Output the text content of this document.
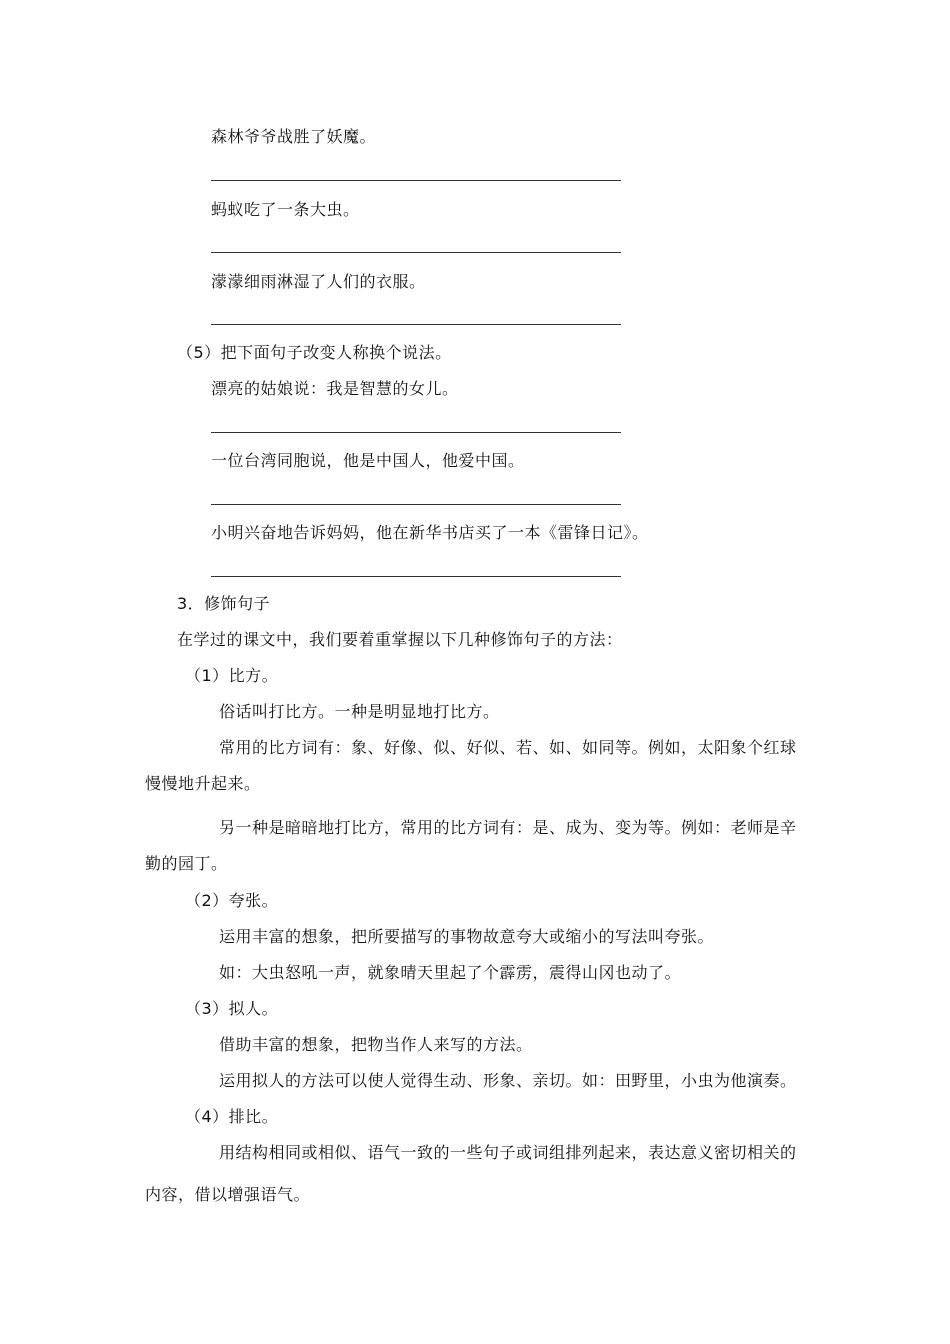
森林爷爷战胜了妖魔。
蚂蚁吃了一条大虫。
濛濛细雨淋湿了人们的衣服。
（5）把下面句子改变人称换个说法。
漂亮的姑娘说：我是智慧的女儿。
一位台湾同胞说，他是中国人，他爱中国。
小明兴奋地告诉妈妈，他在新华书店买了一本《雷锋日记》。
3．修饰句子
在学过的课文中，我们要着重掌握以下几种修饰句子的方法：
（1）比方。
俗话叫打比方。一种是明显地打比方。
常用的比方词有：象、好像、似、好似、若、如、如同等。例如，太阳象个红球
慢慢地升起来。
另一种是暗暗地打比方，常用的比方词有：是、成为、变为等。例如：老师是辛
勤的园丁。
（2）夸张。
运用丰富的想象，把所要描写的事物故意夸大或缩小的写法叫夸张。
如：大虫怒吼一声，就象晴天里起了个霹雳，震得山冈也动了。
（3）拟人。
借助丰富的想象，把物当作人来写的方法。
运用拟人的方法可以使人觉得生动、形象、亲切。如：田野里，小虫为他演奏。
（4）排比。
用结构相同或相似、语气一致的一些句子或词组排列起来，表达意义密切相关的
内容，借以增强语气。
